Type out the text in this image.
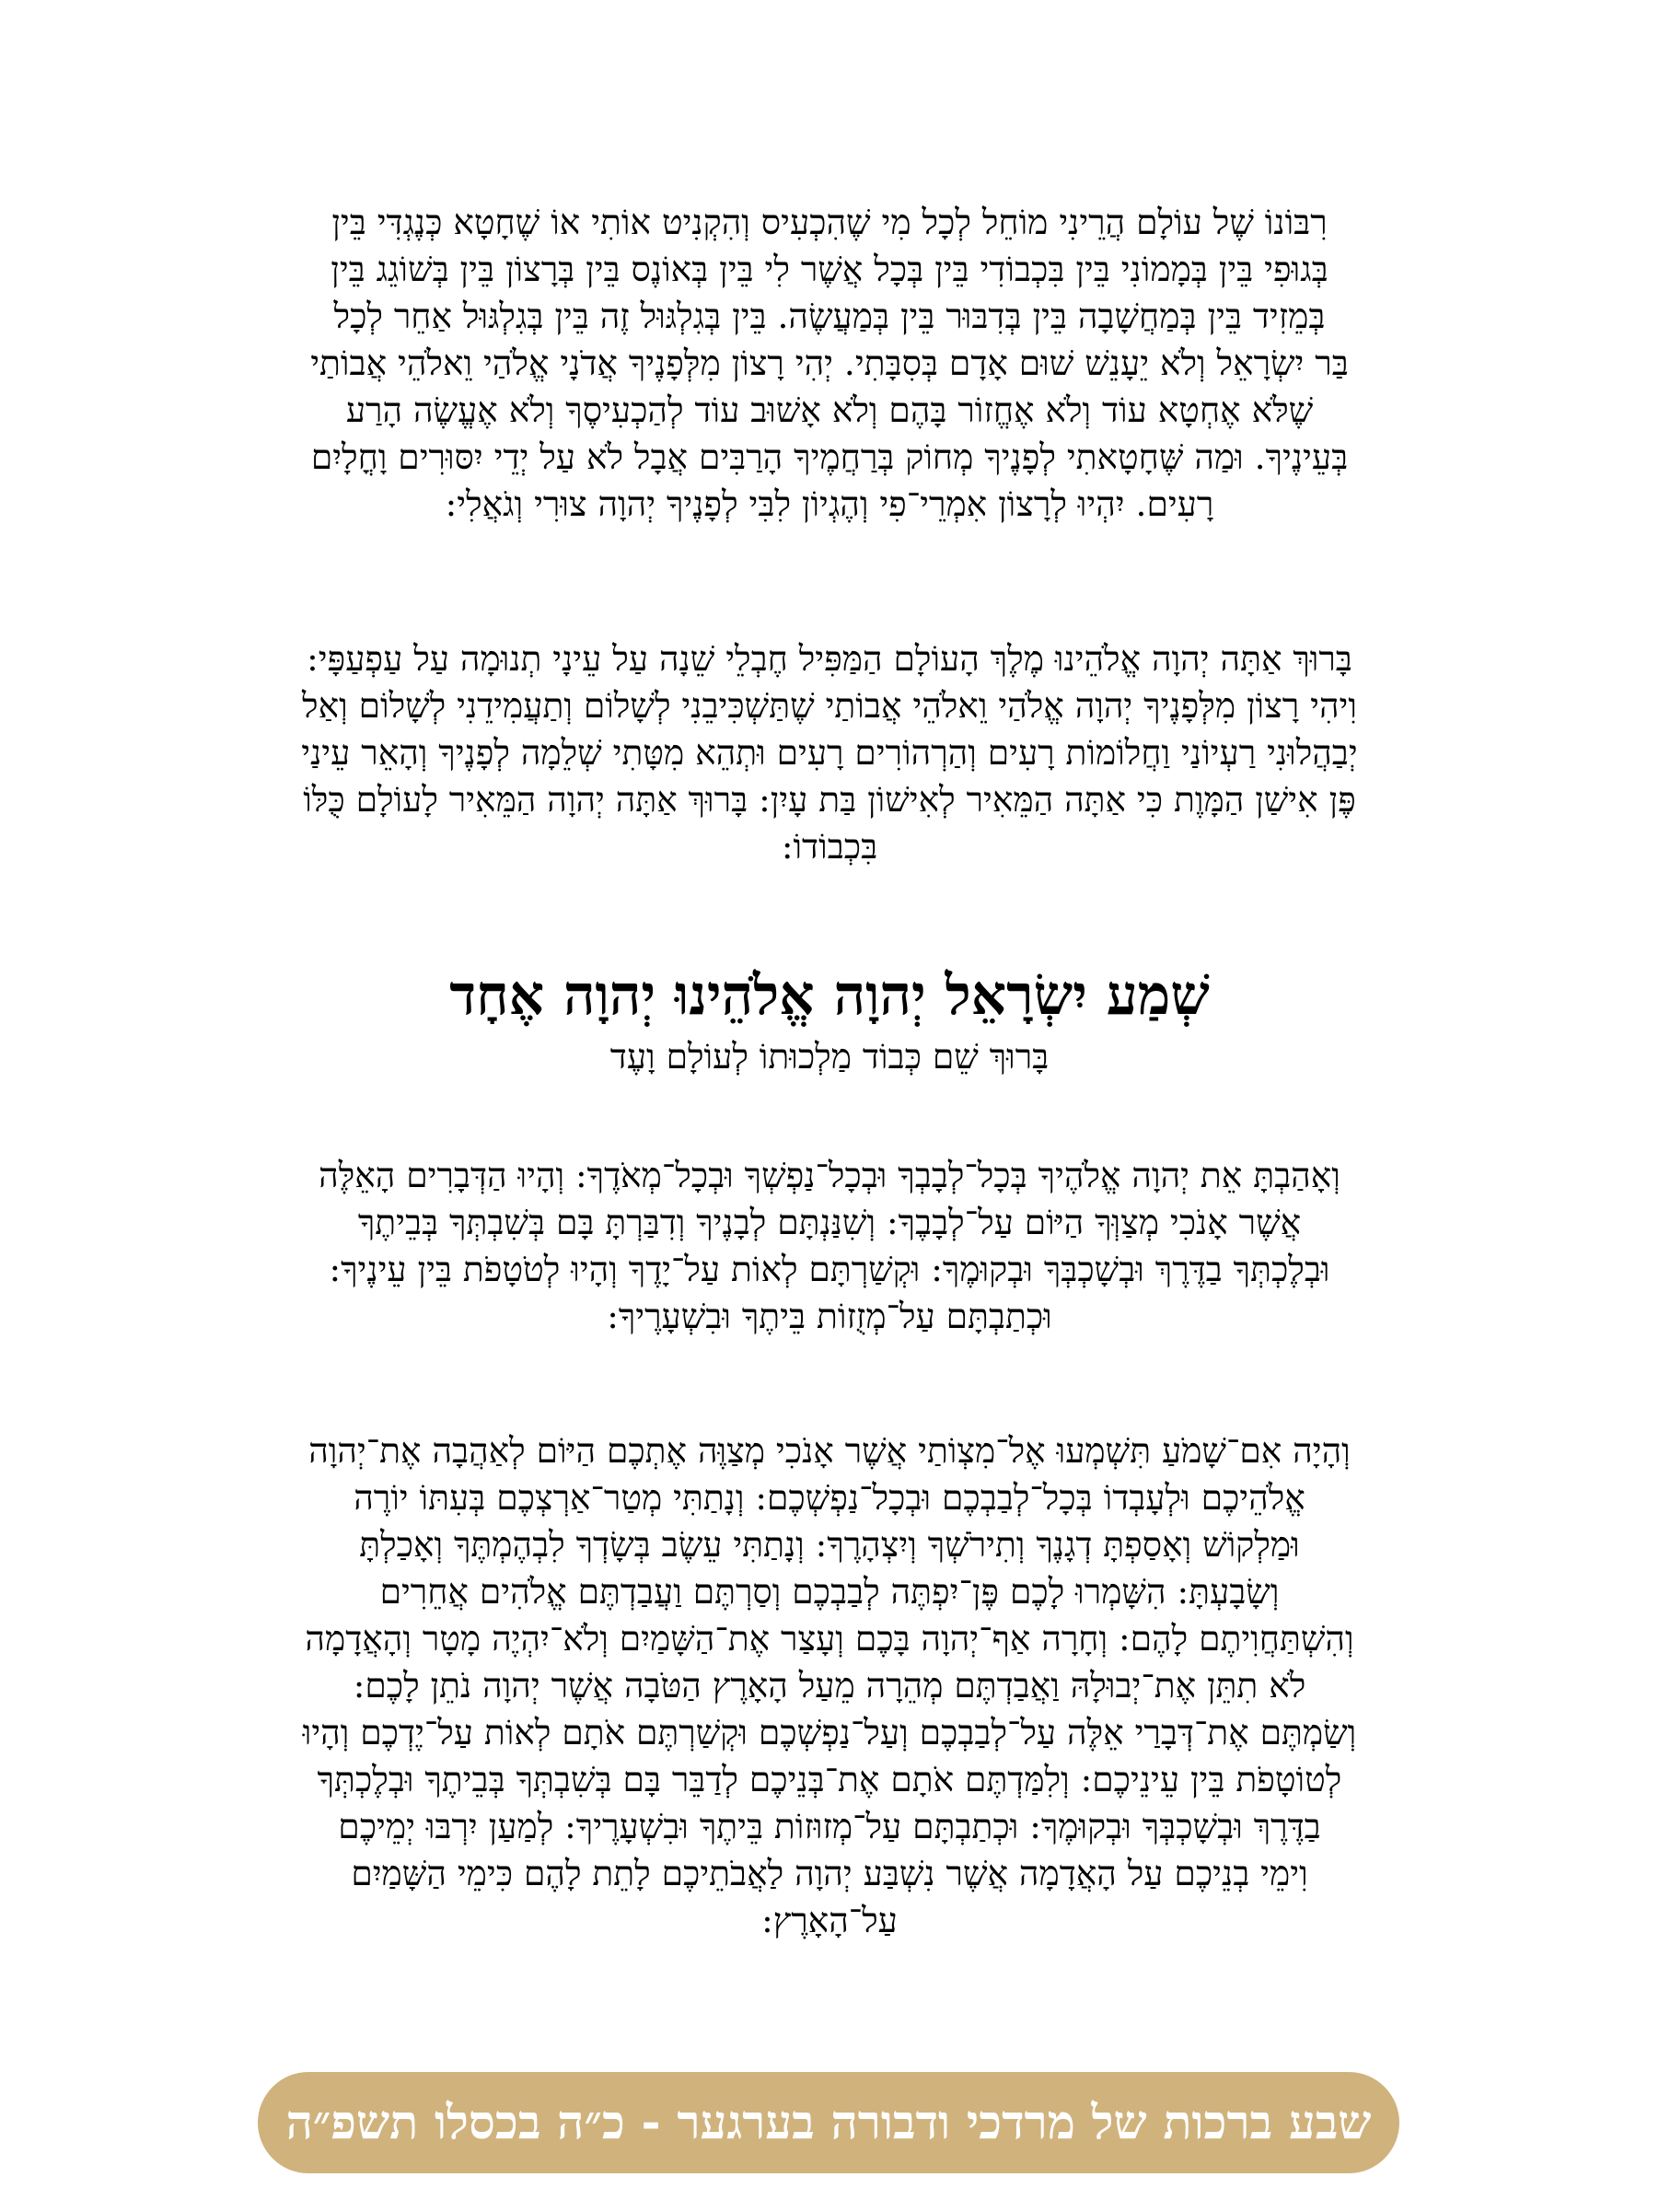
רִבּוֹנוֹ שֶׁל עוֹלָם הֲרֵינִי מוֹחֵל לְכָל מִי שֶׁהִכְעִיס וְהִקְנִיט אוֹתִי אוֹ שֶׁחָטָא כְּנֶגְדִּי בֵּין
בְּגוּפִי בֵּין בְּמָמוֹנִי בֵּין בִּכְבוֹדִי בֵּין בְּכָל אֲשֶׁר לִי בֵּין בְּאוֹנֶס בֵּין בְּרָצוֹן בֵּין בְּשׁוֹגֵג בֵּין
בְּמֵזִיד בֵּין בְּמַחֲשָׁבָה בֵּין בְּדִבּוּר בֵּין בְּמַעֲשֶׂה. בֵּין בְּגִלְגּוּל זֶה בֵּין בְּגִלְגּוּל אַחֵר לְכָל
בַּר יִשְׂרָאֵל וְלֹא יֵעָנֵשׁ שׁוּם אָדָם בְּסִבָּתִי. יְהִי רָצוֹן מִלְּפָנֶיךָ אֲדֹנָי אֱלֹהַי וֵאלֹהֵי אֲבוֹתַי
שֶׁלֹּא אֶחְטָא עוֹד וְלֹא אֶחֱזוֹר בָּהֶם וְלֹא אָשׁוּב עוֹד לְהַכְעִיסֶךָ וְלֹא אֶעֱשֶׂה הָרַע
בְּעֵינֶיךָ. וּמַה שֶּׁחָטָאתִי לְפָנֶיךָ מְחוֹק בְּרַחֲמֶיךָ הָרַבִּים אֲבָל לֹא עַל יְדֵי יִסּוּרִים וָחֳלָיִם
רָעִים. יִהְיוּ לְרָצוֹן אִמְרֵי־פִי וְהֶגְיוֹן לִבִּי לְפָנֶיךָ יְהוָה צוּרִי וְגֹאֲלִי:
בָּרוּךְ אַתָּה יְהוָה אֱלֹהֵינוּ מֶלֶךְ הָעוֹלָם הַמַּפִּיל חֶבְלֵי שֵׁנָה עַל עֵינָי תְנוּמָה עַל עַפְעַפָּי:
וִיהִי רָצוֹן מִלְּפָנֶיךָ יְהוָה אֱלֹהַי וֵאלֹהֵי אֲבוֹתַי שֶׁתַּשְׁכִּיבֵנִי לְשָׁלוֹם וְתַעֲמִידֵנִי לְשָׁלוֹם וְאַל
יְבַהֲלוּנִי רַעְיוֹנַי וַחֲלוֹמוֹת רָעִים וְהַרְהוֹרִים רָעִים וּתְהֵא מִטָּתִי שְׁלֵמָה לְפָנֶיךָ וְהָאֵר עֵינַי
פֶּן אִישַׁן הַמָּוֶת כִּי אַתָּה הַמֵּאִיר לְאִישׁוֹן בַּת עָיִן: בָּרוּךְ אַתָּה יְהוָה הַמֵּאִיר לָעוֹלָם כֻּלּוֹ
בִּכְבוֹדוֹ:
שְׁמַע יִשְׂרָאֵל יְהוָה אֱלֹהֵינוּ יְהוָה אֶחָד
בָּרוּךְ שֵׁם כְּבוֹד מַלְכוּתוֹ לְעוֹלָם וָעֶד
וְאָהַבְתָּ אֵת יְהוָה אֱלֹהֶיךָ בְּכָל־לְבָבְךָ וּבְכָל־נַפְשְׁךָ וּבְכָל־מְאֹדֶךָ: וְהָיוּ הַדְּבָרִים הָאֵלֶּה
אֲשֶׁר אָנֹכִי מְצַוְּךָ הַיּוֹם עַל־לְבָבֶךָ: וְשִׁנַּנְתָּם לְבָנֶיךָ וְדִבַּרְתָּ בָּם בְּשִׁבְתְּךָ בְּבֵיתֶךָ
וּבְלֶכְתְּךָ בַדֶּרֶךְ וּבְשָׁכְבְּךָ וּבְקוּמֶךָ: וּקְשַׁרְתָּם לְאוֹת עַל־יָדֶךָ וְהָיוּ לְטֹטָפֹת בֵּין עֵינֶיךָ:
וּכְתַבְתָּם עַל־מְזֻזוֹת בֵּיתֶךָ וּבִשְׁעָרֶיךָ:
וְהָיָה אִם־שָׁמֹעַ תִּשְׁמְעוּ אֶל־מִצְוֹתַי אֲשֶׁר אָנֹכִי מְצַוֶּה אֶתְכֶם הַיּוֹם לְאַהֲבָה אֶת־יְהוָה
אֱלֹהֵיכֶם וּלְעָבְדוֹ בְּכָל־לְבַבְכֶם וּבְכָל־נַפְשְׁכֶם: וְנָתַתִּי מְטַר־אַרְצְכֶם בְּעִתּוֹ יוֹרֶה
וּמַלְקוֹשׁ וְאָסַפְתָּ דְגָנֶךָ וְתִירֹשְׁךָ וְיִצְהָרֶךָ: וְנָתַתִּי עֵשֶׂב בְּשָׂדְךָ לִבְהֶמְתֶּךָ וְאָכַלְתָּ
וְשָׂבָעְתָּ: הִשָּׁמְרוּ לָכֶם פֶּן־יִפְתֶּה לְבַבְכֶם וְסַרְתֶּם וַעֲבַדְתֶּם אֱלֹהִים אֲחֵרִים
וְהִשְׁתַּחֲוִיתֶם לָהֶם: וְחָרָה אַף־יְהוָה בָּכֶם וְעָצַר אֶת־הַשָּׁמַיִם וְלֹא־יִהְיֶה מָטָר וְהָאֲדָמָה
לֹא תִתֵּן אֶת־יְבוּלָהּ וַאֲבַדְתֶּם מְהֵרָה מֵעַל הָאָרֶץ הַטֹּבָה אֲשֶׁר יְהוָה נֹתֵן לָכֶם:
וְשַׂמְתֶּם אֶת־דְּבָרַי אֵלֶּה עַל־לְבַבְכֶם וְעַל־נַפְשְׁכֶם וּקְשַׁרְתֶּם אֹתָם לְאוֹת עַל־יֶדְכֶם וְהָיוּ
לְטוֹטָפֹת בֵּין עֵינֵיכֶם: וְלִמַּדְתֶּם אֹתָם אֶת־בְּנֵיכֶם לְדַבֵּר בָּם בְּשִׁבְתְּךָ בְּבֵיתֶךָ וּבְלֶכְתְּךָ
בַדֶּרֶךְ וּבְשָׁכְבְּךָ וּבְקוּמֶךָ: וּכְתַבְתָּם עַל־מְזוּזוֹת בֵּיתֶךָ וּבִשְׁעָרֶיךָ: לְמַעַן יִרְבּוּ יְמֵיכֶם
וִימֵי בְנֵיכֶם עַל הָאֲדָמָה אֲשֶׁר נִשְׁבַּע יְהוָה לַאֲבֹתֵיכֶם לָתֵת לָהֶם כִּימֵי הַשָּׁמַיִם
עַל־הָאָרֶץ:
שבע ברכות של מרדכי ודבורה בערגער - כ״ה בכסלו תשפ״ה
